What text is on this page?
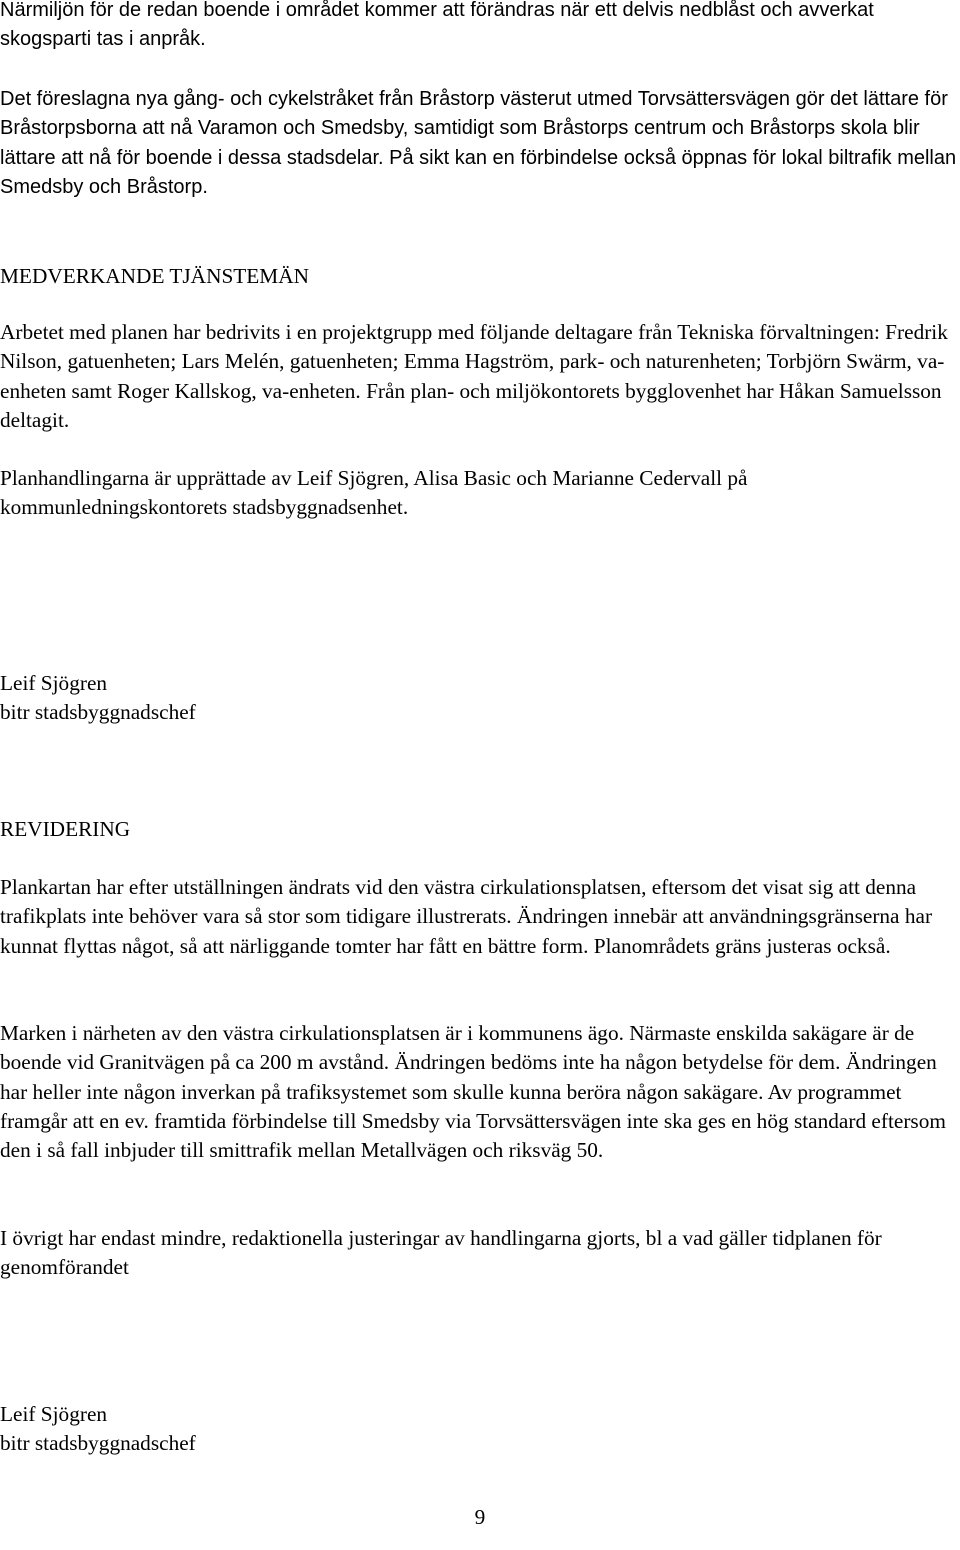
Närmiljön för de redan boende i området kommer att förändras när ett delvis nedblåst och avverkat skogsparti tas i anpråk.
Det föreslagna nya gång- och cykelstråket från Bråstorp västerut utmed Torvsättersvägen gör det lättare för Bråstorpsborna att nå Varamon och Smedsby, samtidigt som Bråstorps centrum och Bråstorps skola blir lättare att nå för boende i dessa stadsdelar. På sikt kan en förbindelse också öppnas för lokal biltrafik mellan Smedsby och Bråstorp.
MEDVERKANDE TJÄNSTEMÄN
Arbetet med planen har bedrivits i en projektgrupp med följande deltagare från Tekniska förvaltningen: Fredrik Nilson, gatuenheten; Lars Melén, gatuenheten; Emma Hagström, park- och naturenheten; Torbjörn Swärm, va-enheten samt Roger Kallskog, va-enheten. Från plan- och miljökontorets bygglovenhet har Håkan Samuelsson deltagit.
Planhandlingarna är upprättade av Leif Sjögren, Alisa Basic och Marianne Cedervall på kommunledningskontorets stadsbyggnadsenhet.
Leif Sjögren
bitr stadsbyggnadschef
REVIDERING
Plankartan har efter utställningen ändrats vid den västra cirkulationsplatsen, eftersom det visat sig att denna trafikplats inte behöver vara så stor som tidigare illustrerats. Ändringen innebär att användningsgränserna har kunnat flyttas något, så att närliggande tomter har fått en bättre form. Planområdets gräns justeras också.
Marken i närheten av den västra cirkulationsplatsen är i kommunens ägo. Närmaste enskilda sakägare är de boende vid Granitvägen på ca 200 m avstånd. Ändringen bedöms inte ha någon betydelse för dem. Ändringen har heller inte någon inverkan på trafiksystemet som skulle kunna beröra någon sakägare. Av programmet framgår att en ev. framtida förbindelse till Smedsby via Torvsättersvägen inte ska ges en hög standard eftersom den i så fall inbjuder till smittrafik mellan Metallvägen och riksväg 50.
I övrigt har endast mindre, redaktionella justeringar av handlingarna gjorts, bl a vad gäller tidplanen för genomförandet
Leif Sjögren
bitr stadsbyggnadschef
9
